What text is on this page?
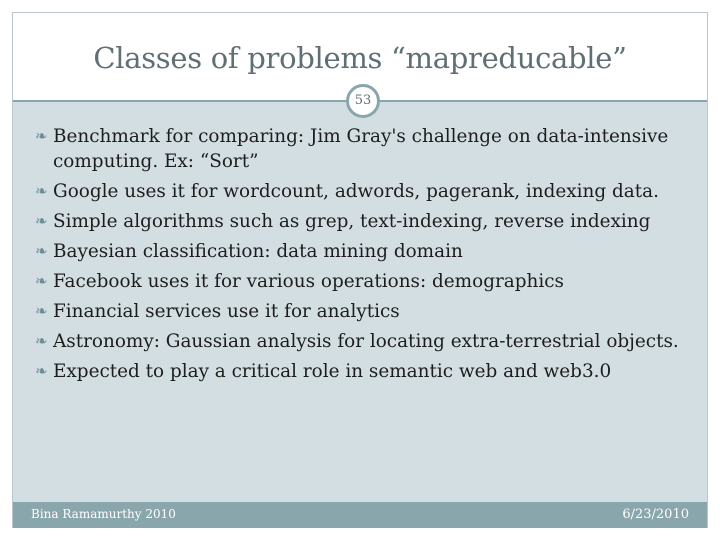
Classes of problems “mapreducable”
❧ Benchmark for comparing: Jim Gray's challenge on data-intensive computing. Ex: “Sort”
❧ Google uses it for wordcount, adwords, pagerank, indexing data.
❧ Simple algorithms such as grep, text-indexing, reverse indexing
❧ Bayesian classification: data mining domain
❧ Facebook uses it for various operations: demographics
❧ Financial services use it for analytics
❧ Astronomy: Gaussian analysis for locating extra-terrestrial objects.
❧ Expected to play a critical role in semantic web and web3.0
53
Bina Ramamurthy 2010	6/23/2010
